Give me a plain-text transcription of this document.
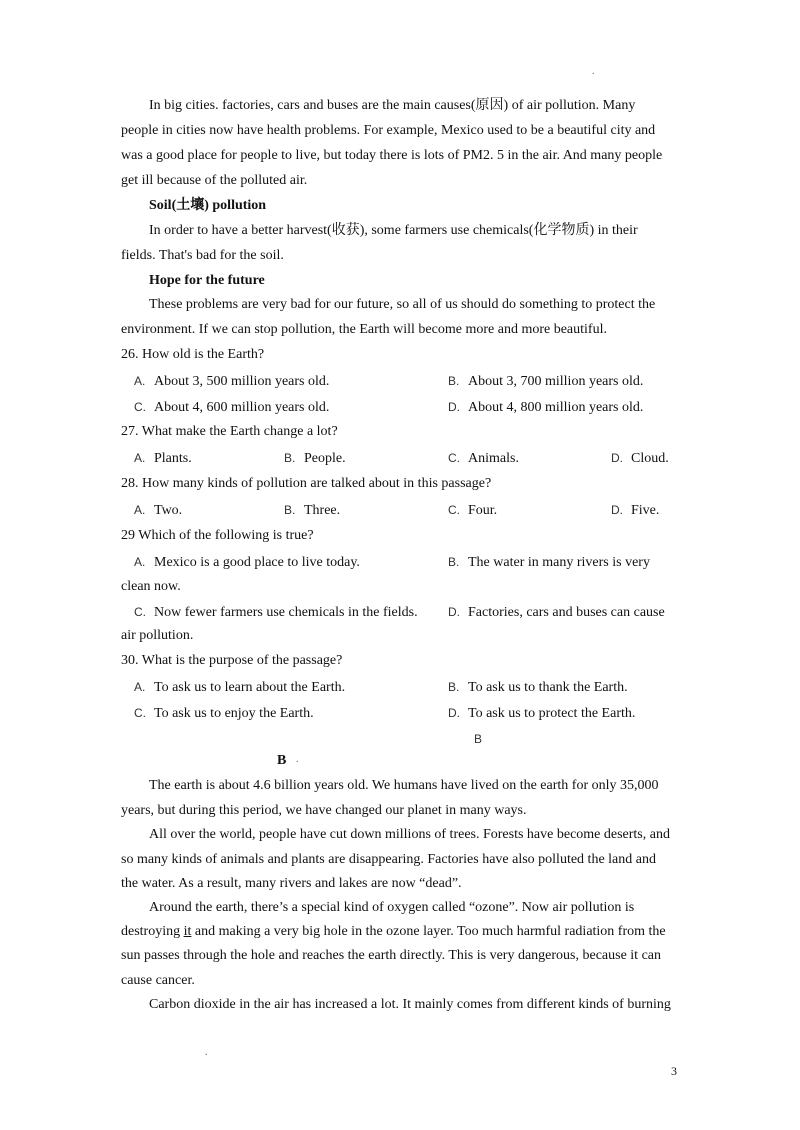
.
In big cities. factories, cars and buses are the main causes(原因) of air pollution. Many
people in cities now have health problems. For example, Mexico used to be a beautiful city and
was a good place for people to live, but today there is lots of PM2. 5 in the air. And many people
get ill because of the polluted air.
Soil(土壤) pollution
In order to have a better harvest(收获), some farmers use chemicals(化学物质) in their
fields. That's bad for the soil.
Hope for the future
These problems are very bad for our future, so all of us should do something to protect the
environment. If we can stop pollution, the Earth will become more and more beautiful.
26. How old is the Earth?
A. About 3, 500 million years old.	B. About 3, 700 million years old.
C. About 4, 600 million years old.	D. About 4, 800 million years old.
27. What make the Earth change a lot?
A. Plants.	B. People.	C. Animals.	D. Cloud.
28. How many kinds of pollution are talked about in this passage?
A. Two.	B. Three.	C. Four.	D. Five.
29 Which of the following is true?
A. Mexico is a good place to live today.	B. The water in many rivers is very
clean now.
C. Now fewer farmers use chemicals in the fields.	D. Factories, cars and buses can cause
air pollution.
30. What is the purpose of the passage?
A. To ask us to learn about the Earth.	B. To ask us to thank the Earth.
C. To ask us to enjoy the Earth.	D. To ask us to protect the Earth.
B
B .
The earth is about 4.6 billion years old. We humans have lived on the earth for only 35,000
years, but during this period, we have changed our planet in many ways.
All over the world, people have cut down millions of trees. Forests have become deserts, and
so many kinds of animals and plants are disappearing. Factories have also polluted the land and
the water. As a result, many rivers and lakes are now “dead”.
Around the earth, there’s a special kind of oxygen called “ozone”. Now air pollution is
destroying it and making a very big hole in the ozone layer. Too much harmful radiation from the
sun passes through the hole and reaches the earth directly. This is very dangerous, because it can
cause cancer.
Carbon dioxide in the air has increased a lot. It mainly comes from different kinds of burning
.
3
